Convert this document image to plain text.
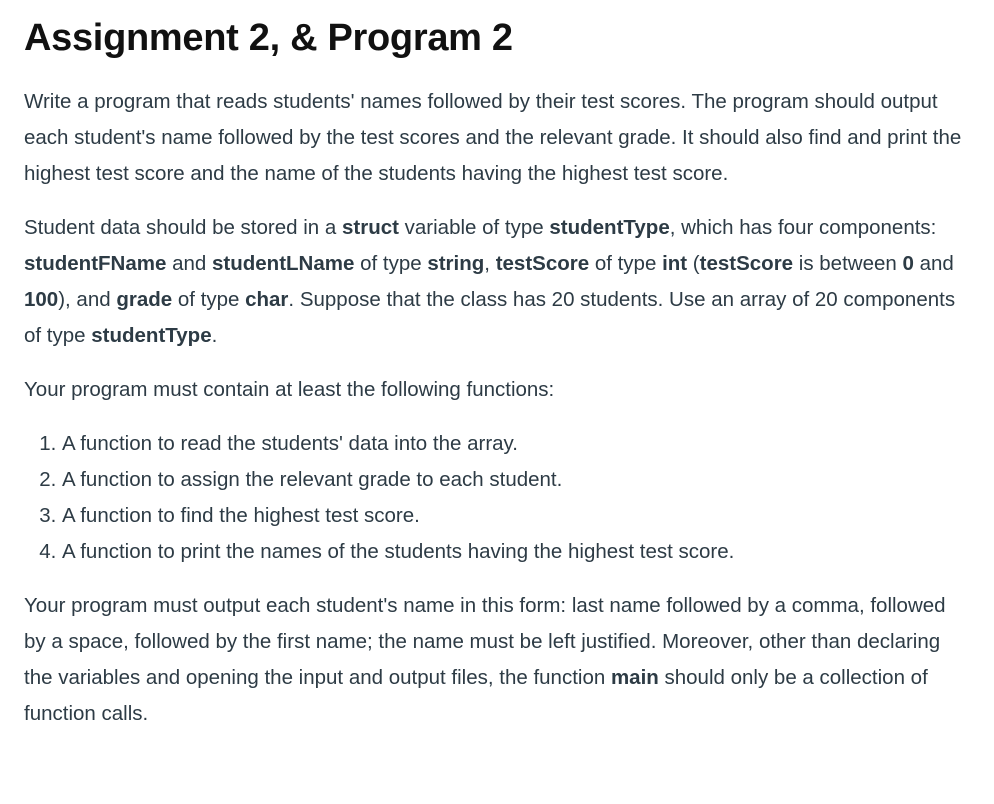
Assignment 2, & Program 2

Write a program that reads students' names followed by their test scores. The program should output each student's name followed by the test scores and the relevant grade. It should also find and print the highest test score and the name of the students having the highest test score.

Student data should be stored in a struct variable of type studentType, which has four components: studentFName and studentLName of type string, testScore of type int (testScore is between 0 and 100), and grade of type char. Suppose that the class has 20 students. Use an array of 20 components of type studentType.

Your program must contain at least the following functions:

1. A function to read the students' data into the array.
2. A function to assign the relevant grade to each student.
3. A function to find the highest test score.
4. A function to print the names of the students having the highest test score.

Your program must output each student's name in this form: last name followed by a comma, followed by a space, followed by the first name; the name must be left justified. Moreover, other than declaring the variables and opening the input and output files, the function main should only be a collection of function calls.
